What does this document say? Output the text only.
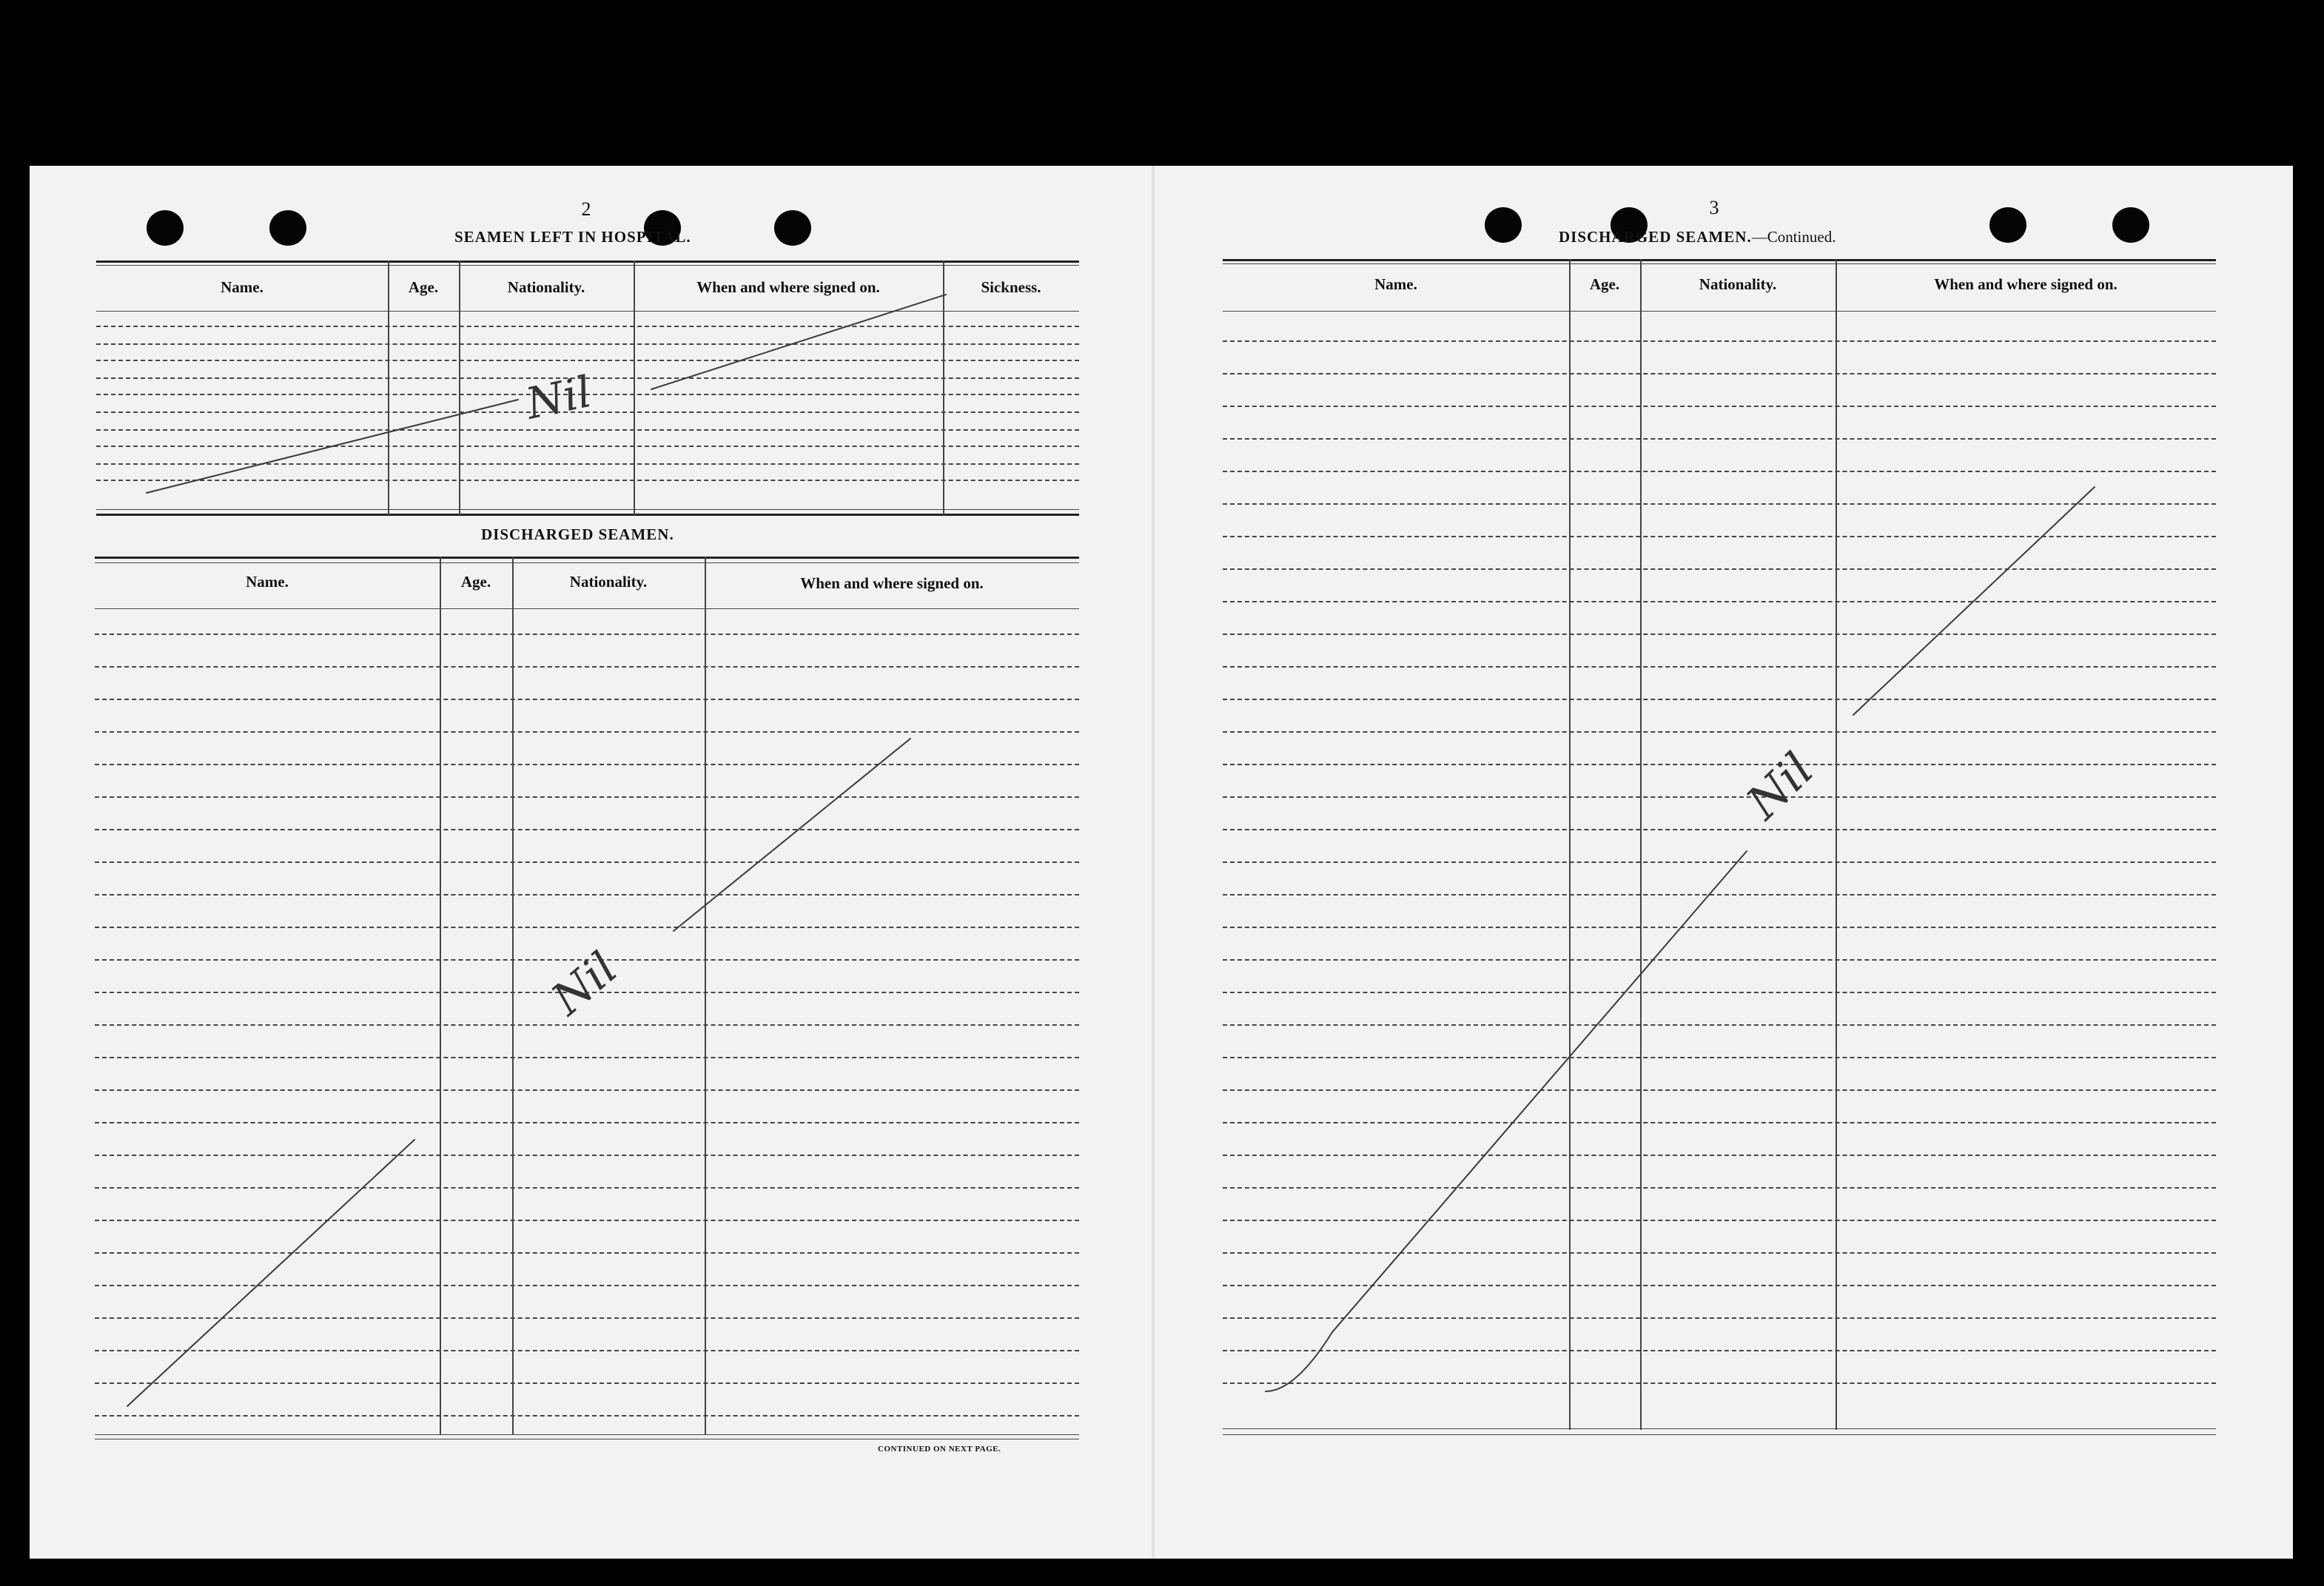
2
SEAMEN LEFT IN HOSPITAL.
Name.	Age.	Nationality.	When and where signed on.	Sickness.
DISCHARGED SEAMEN.
Name.	Age.	Nationality.	When and where signed on.
CONTINUED ON NEXT PAGE.
3
DISCHARGED SEAMEN.—Continued.
Name.	Age.	Nationality.	When and where signed on.
Nil
Nil
Nil
